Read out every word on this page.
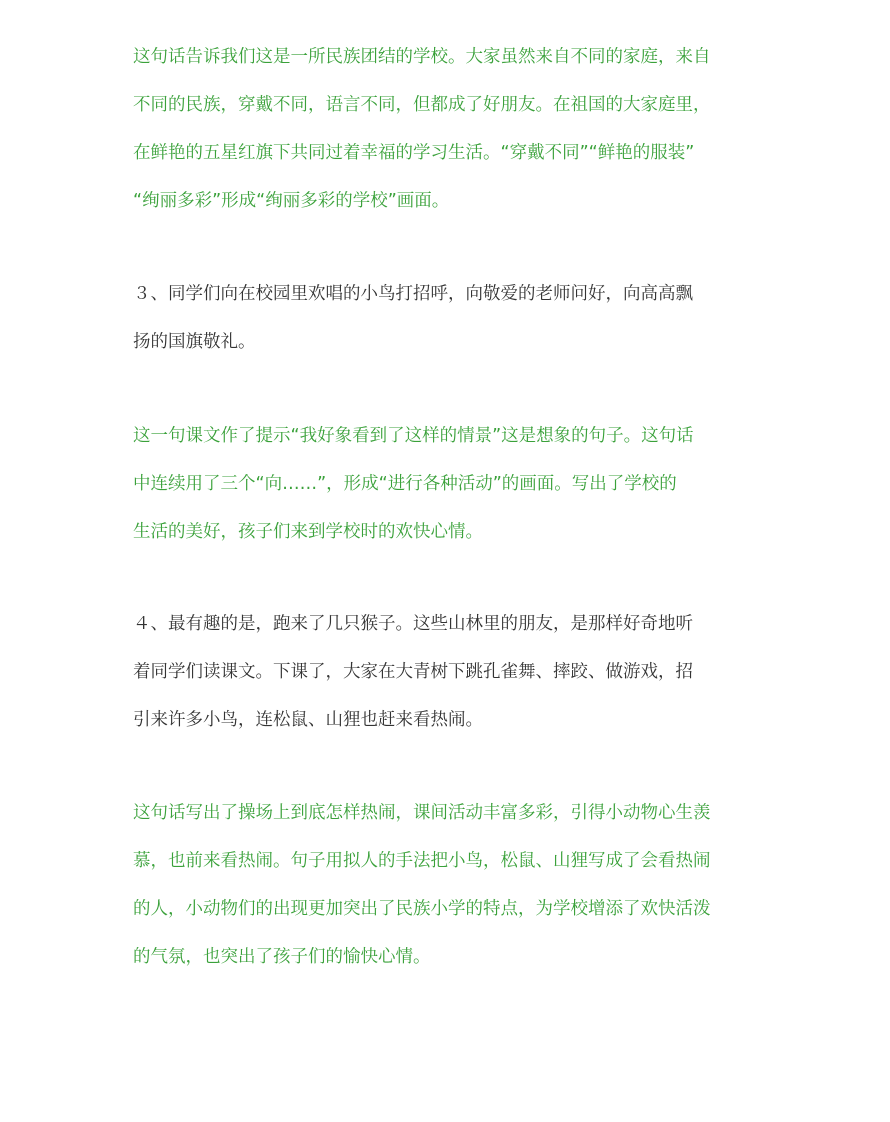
这句话告诉我们这是一所民族团结的学校。大家虽然来自不同的家庭，来自
不同的民族，穿戴不同，语言不同，但都成了好朋友。在祖国的大家庭里，
在鲜艳的五星红旗下共同过着幸福的学习生活。“穿戴不同”“鲜艳的服装”
“绚丽多彩”形成“绚丽多彩的学校”画面。
３、同学们向在校园里欢唱的小鸟打招呼，向敬爱的老师问好，向高高飘
扬的国旗敬礼。
这一句课文作了提示“我好象看到了这样的情景”这是想象的句子。这句话
中连续用了三个“向……”，形成“进行各种活动”的画面。写出了学校的
生活的美好，孩子们来到学校时的欢快心情。
４、最有趣的是，跑来了几只猴子。这些山林里的朋友，是那样好奇地听
着同学们读课文。下课了，大家在大青树下跳孔雀舞、摔跤、做游戏，招
引来许多小鸟，连松鼠、山狸也赶来看热闹。
这句话写出了操场上到底怎样热闹，课间活动丰富多彩，引得小动物心生羡
慕，也前来看热闹。句子用拟人的手法把小鸟，松鼠、山狸写成了会看热闹
的人，小动物们的出现更加突出了民族小学的特点，为学校增添了欢快活泼
的气氛，也突出了孩子们的愉快心情。
